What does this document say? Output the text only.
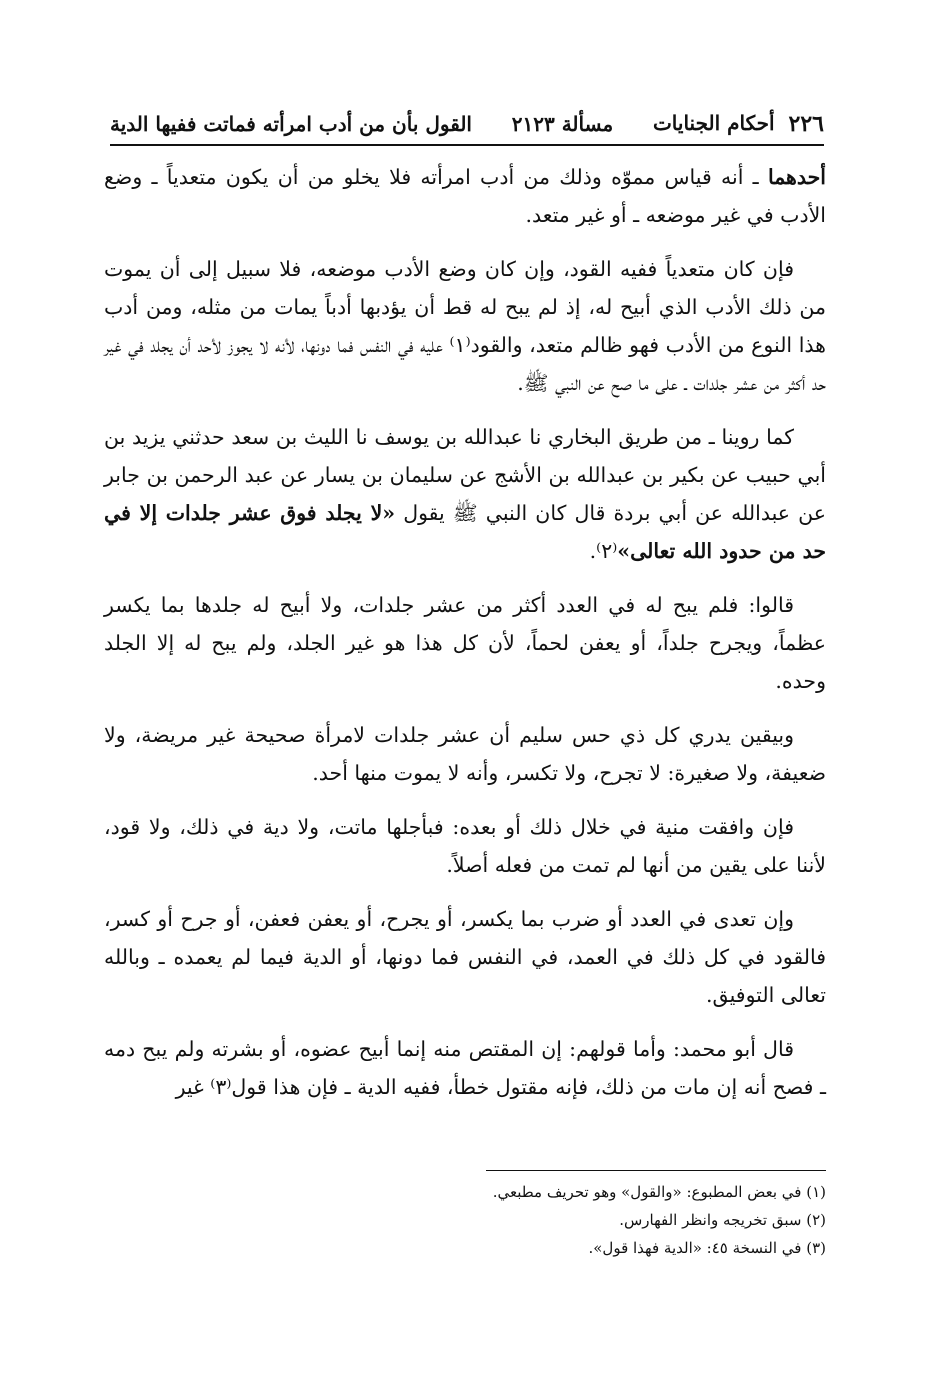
٢٢٦
أحكام الجنايات
مسألة ٢١٢٣
القول بأن من أدب امرأته فماتت ففيها الدية

أحدهما ـ أنه قياس مموّه وذلك من أدب امرأته فلا يخلو من أن يكون متعدياً ـ وضع الأدب في غير موضعه ـ أو غير متعد.

فإن كان متعدياً ففيه القود، وإن كان وضع الأدب موضعه، فلا سبيل إلى أن يموت من ذلك الأدب الذي أبيح له، إذ لم يبح له قط أن يؤدبها أدباً يمات من مثله، ومن أدب هذا النوع من الأدب فهو ظالم متعد، والقود⁽١⁾ عليه في النفس فما دونها، لأنه لا يجوز لأحد أن يجلد في غير حد أكثر من عشر جلدات ـ على ما صح عن النبي ﷺ.

كما روينا ـ من طريق البخاري نا عبدالله بن يوسف نا الليث بن سعد حدثني يزيد بن أبي حبيب عن بكير بن عبدالله بن الأشج عن سليمان بن يسار عن عبد الرحمن بن جابر عن عبدالله عن أبي بردة قال كان النبي ﷺ يقول «لا يجلد فوق عشر جلدات إلا في حد من حدود الله تعالى»⁽٢⁾.

قالوا: فلم يبح له في العدد أكثر من عشر جلدات، ولا أبيح له جلدها بما يكسر عظماً، ويجرح جلداً، أو يعفن لحماً، لأن كل هذا هو غير الجلد، ولم يبح له إلا الجلد وحده.

وبيقين يدري كل ذي حس سليم أن عشر جلدات لامرأة صحيحة غير مريضة، ولا ضعيفة، ولا صغيرة: لا تجرح، ولا تكسر، وأنه لا يموت منها أحد.

فإن وافقت منية في خلال ذلك أو بعده: فبأجلها ماتت، ولا دية في ذلك، ولا قود، لأننا على يقين من أنها لم تمت من فعله أصلاً.

وإن تعدى في العدد أو ضرب بما يكسر، أو يجرح، أو يعفن فعفن، أو جرح أو كسر، فالقود في كل ذلك في العمد، في النفس فما دونها، أو الدية فيما لم يعمده ـ وبالله تعالى التوفيق.

قال أبو محمد: وأما قولهم: إن المقتص منه إنما أبيح عضوه، أو بشرته ولم يبح دمه ـ فصح أنه إن مات من ذلك، فإنه مقتول خطأ، ففيه الدية ـ فإن هذا قول⁽٣⁾ غير

(١) في بعض المطبوع: «والقول» وهو تحريف مطبعي.
(٢) سبق تخريجه وانظر الفهارس.
(٣) في النسخة ٤٥: «الدية فهذا قول».
